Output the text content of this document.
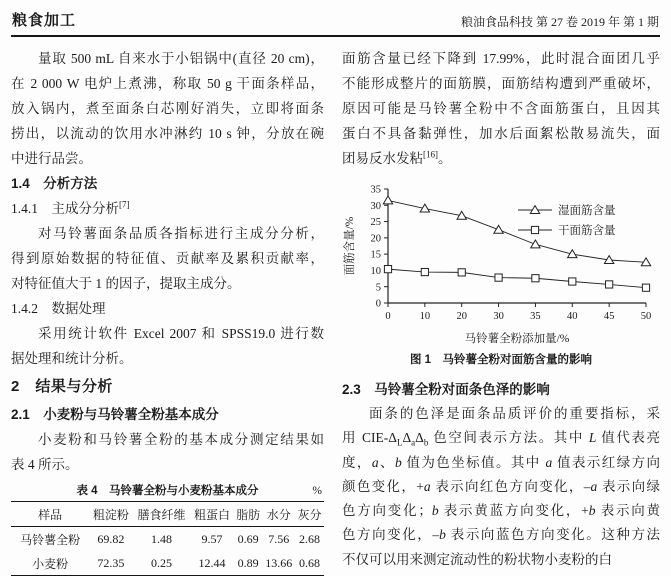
粮食加工	粮油食品科技 第 27 卷 2019 年 第 1 期
量取 500 mL 自来水于小铝锅中(直径 20 cm)，
在 2 000 W 电炉上煮沸，称取 50 g 干面条样品，
放入锅内，煮至面条白芯刚好消失，立即将面条
捞出，以流动的饮用水冲淋约 10 s 钟，分放在碗
中进行品尝。
1.4　分析方法
1.4.1　主成分分析[7]
对马铃薯面条品质各指标进行主成分分析，
得到原始数据的特征值、贡献率及累积贡献率，
对特征值大于 1 的因子，提取主成分。
1.4.2　数据处理
采用统计软件 Excel 2007 和 SPSS19.0 进行数
据处理和统计分析。
2　结果与分析
2.1　小麦粉与马铃薯全粉基本成分
小麦粉和马铃薯全粉的基本成分测定结果如
表 4 所示。
表 4　马铃薯全粉与小麦粉基本成分	%
样品	粗淀粉	膳食纤维	粗蛋白	脂肪	水分	灰分
马铃薯全粉	69.82	1.48	9.57	0.69	7.56	2.68
小麦粉	72.35	0.25	12.44	0.89	13.66	0.68
面筋含量已经下降到 17.99%，此时混合面团几乎
不能形成整片的面筋膜，面筋结构遭到严重破坏，
原因可能是马铃薯全粉中不含面筋蛋白，且因其
蛋白不具备黏弹性，加水后面絮松散易流失，面
团易反水发粘[16]。
0
5
10
15
20
25
30
35
0	10	20	30	35	40	45	50
马铃薯全粉添加量/%
面筋含量/%
湿面筋含量
干面筋含量
图 1　马铃薯全粉对面筋含量的影响
2.3　马铃薯全粉对面条色泽的影响
面条的色泽是面条品质评价的重要指标，采
用 CIE-$\Delta_L\Delta_a\Delta_b$ 色空间表示方法。其中 L 值代表亮
度，a、b 值为色坐标值。其中 a 值表示红绿方向
颜色变化，+a 表示向红色方向变化，–a 表示向绿
色方向变化；b 表示黄蓝方向变化，+b 表示向黄
色方向变化，–b 表示向蓝色方向变化。这种方法
不仅可以用来测定流动性的粉状物小麦粉的白
